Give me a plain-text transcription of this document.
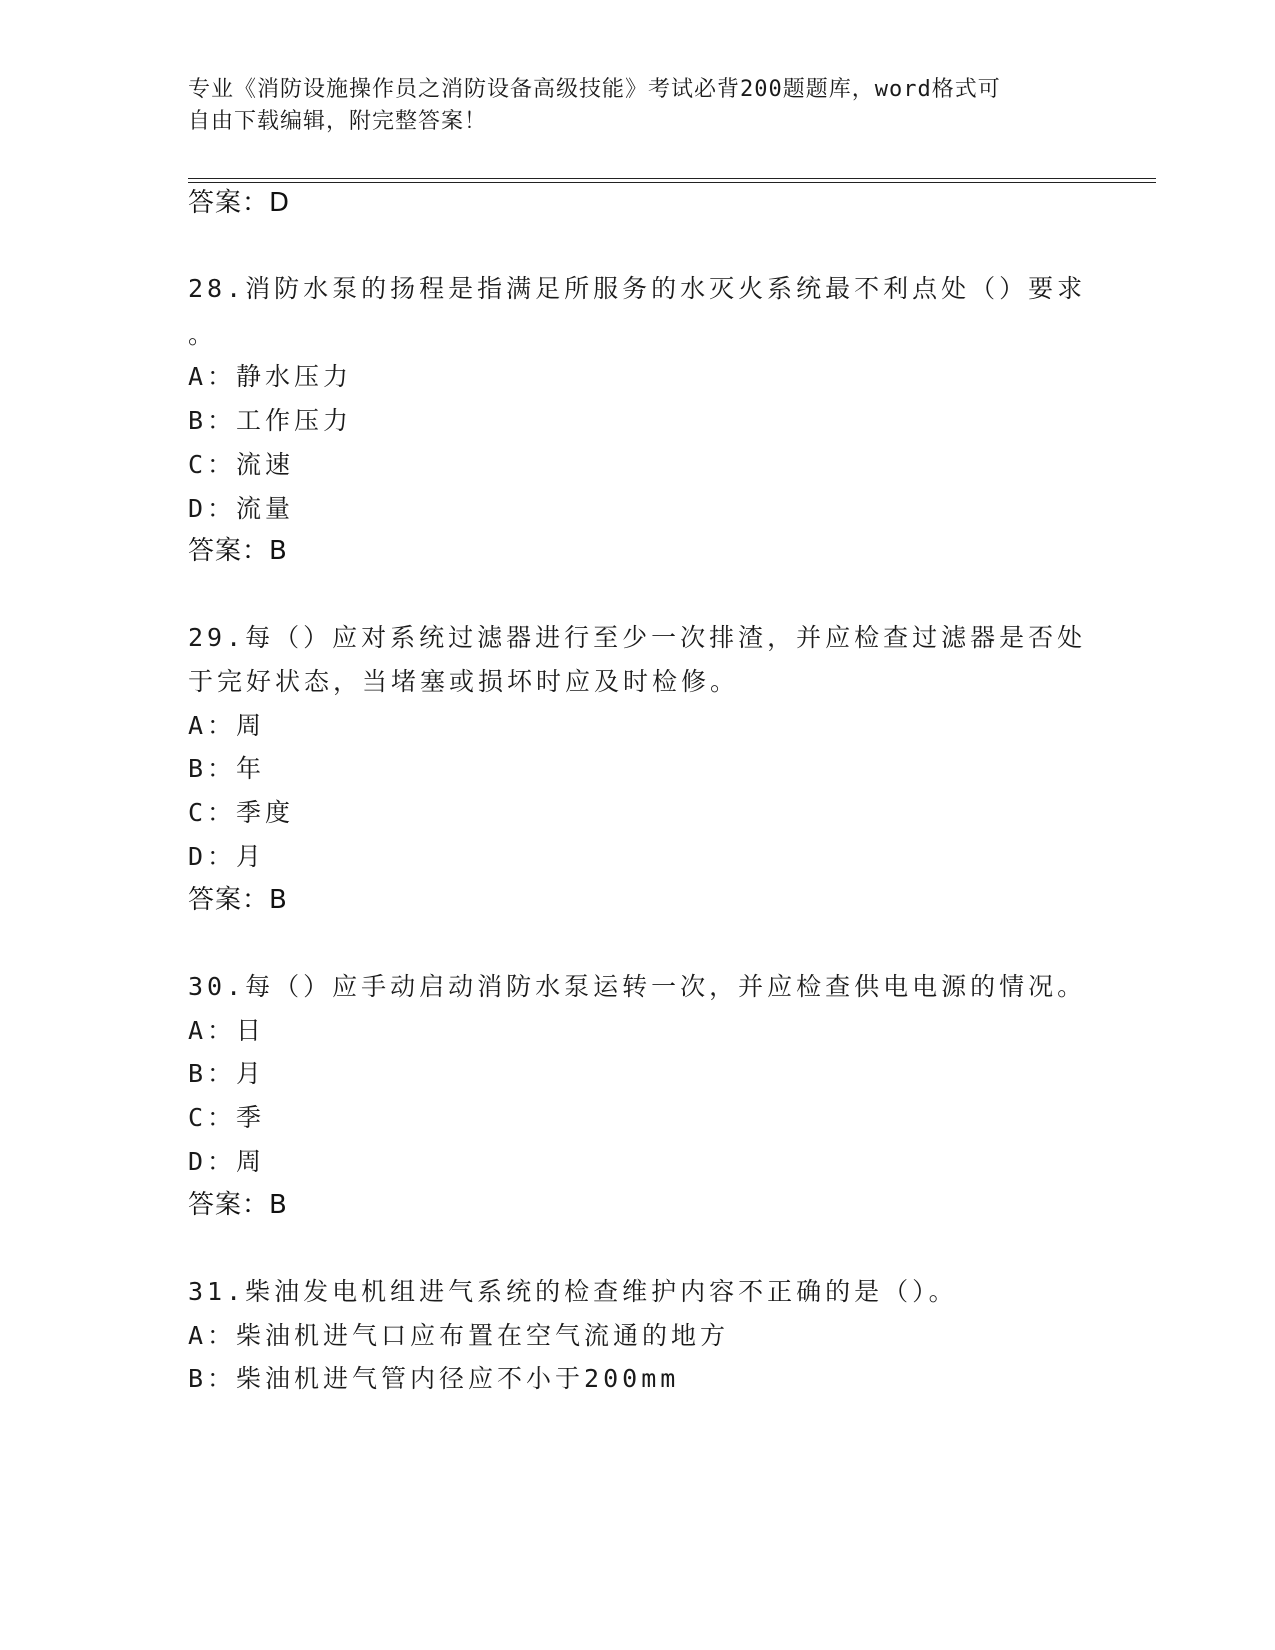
专业《消防设施操作员之消防设备高级技能》考试必背200题题库，word格式可
自由下载编辑，附完整答案！
答案：D
28.消防水泵的扬程是指满足所服务的水灭火系统最不利点处（）要求
。
A：静水压力
B：工作压力
C：流速
D：流量
答案：B
29.每（）应对系统过滤器进行至少一次排渣，并应检查过滤器是否处
于完好状态，当堵塞或损坏时应及时检修。
A：周
B：年
C：季度
D：月
答案：B
30.每（）应手动启动消防水泵运转一次，并应检查供电电源的情况。
A：日
B：月
C：季
D：周
答案：B
31.柴油发电机组进气系统的检查维护内容不正确的是（）。
A：柴油机进气口应布置在空气流通的地方
B：柴油机进气管内径应不小于200mm
